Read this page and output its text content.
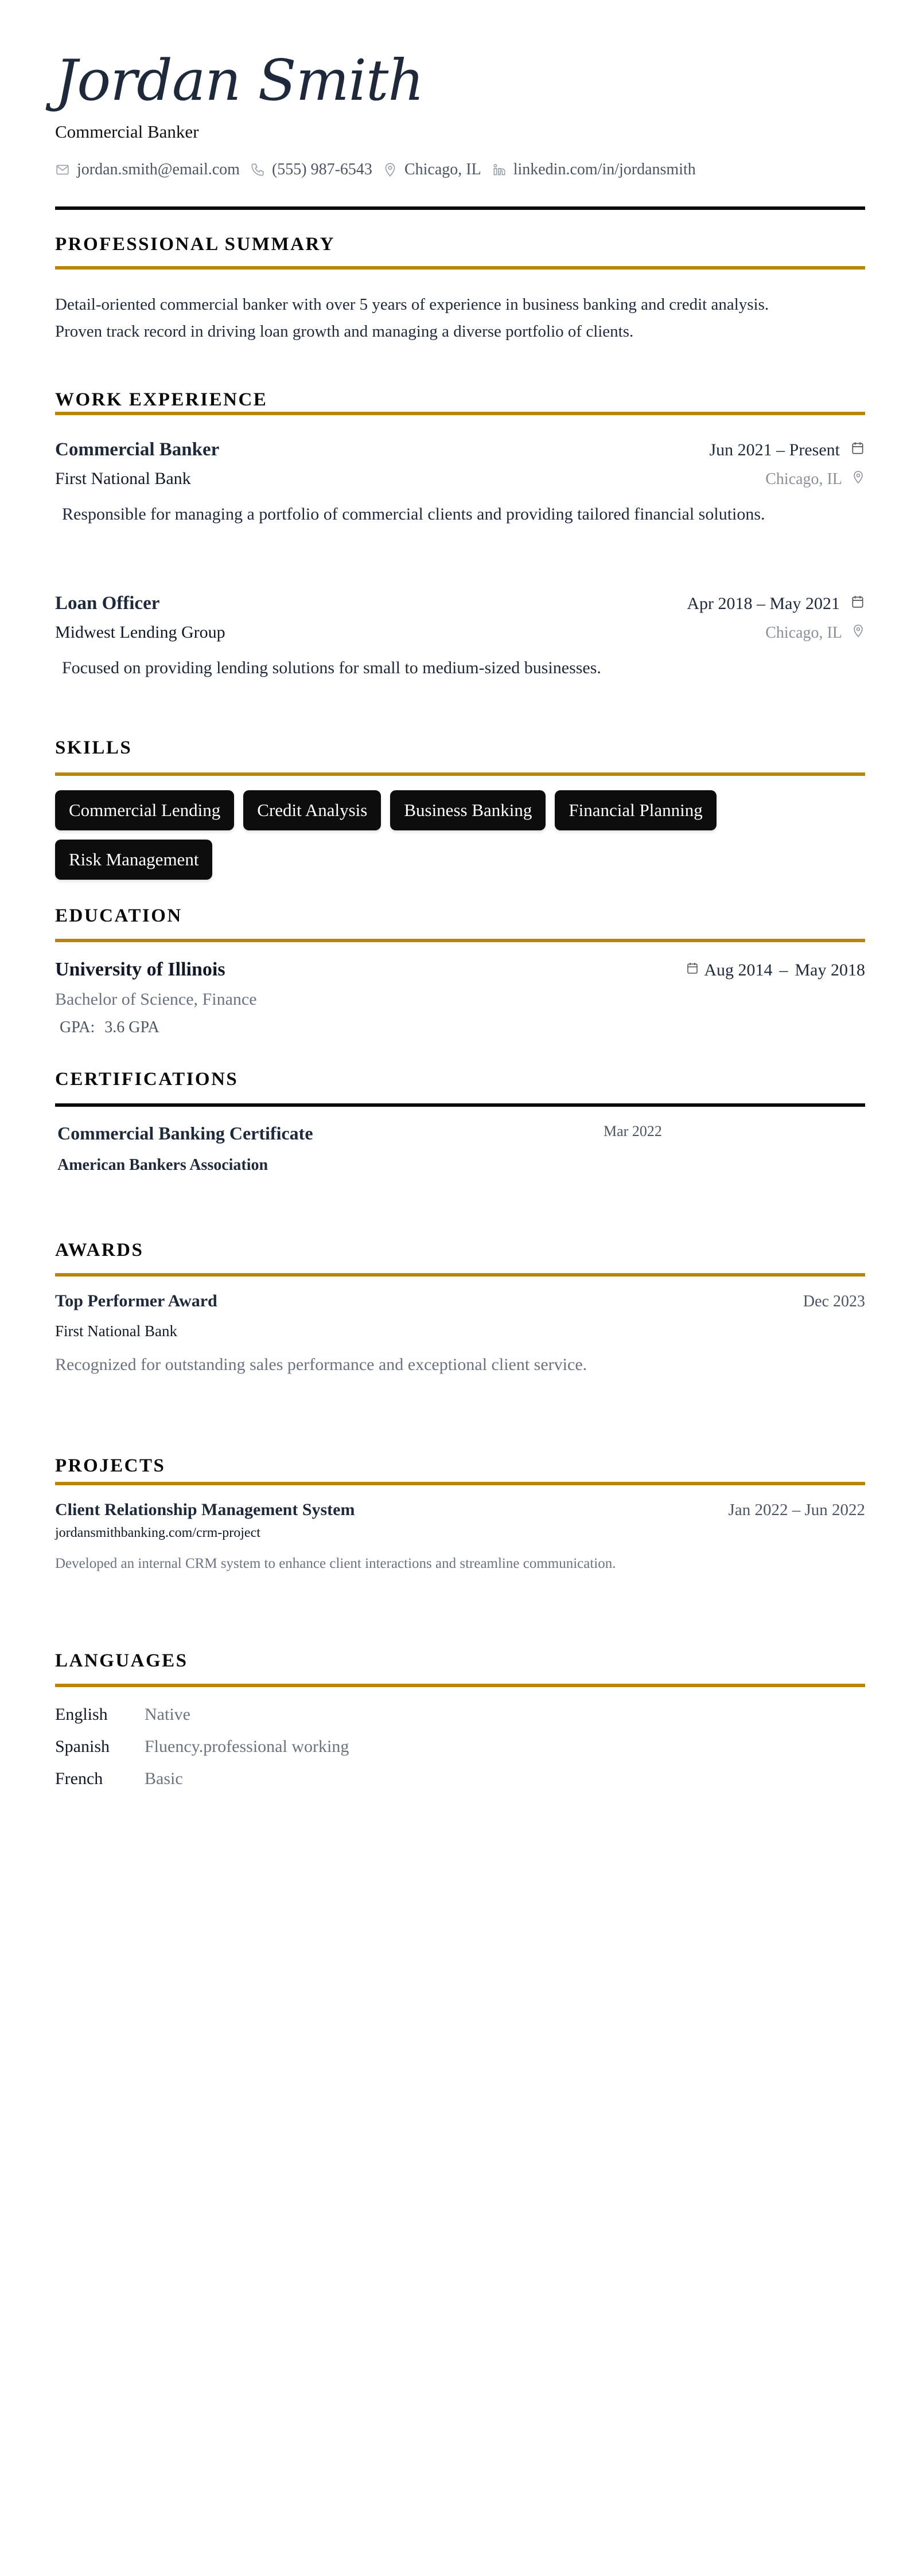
Jordan Smith
Commercial Banker
jordan.smith@email.com (555) 987-6543 Chicago, IL linkedin.com/in/jordansmith
PROFESSIONAL SUMMARY
Detail-oriented commercial banker with over 5 years of experience in business banking and credit analysis.
Proven track record in driving loan growth and managing a diverse portfolio of clients.
WORK EXPERIENCE
Commercial Banker	Jun 2021 – Present
First National Bank	Chicago, IL
Responsible for managing a portfolio of commercial clients and providing tailored financial solutions.
Loan Officer	Apr 2018 – May 2021
Midwest Lending Group	Chicago, IL
Focused on providing lending solutions for small to medium-sized businesses.
SKILLS
Commercial Lending	Credit Analysis	Business Banking	Financial Planning
Risk Management
EDUCATION
University of Illinois	Aug 2014 – May 2018
Bachelor of Science, Finance
GPA: 3.6 GPA
CERTIFICATIONS
Commercial Banking Certificate	Mar 2022
American Bankers Association
AWARDS
Top Performer Award	Dec 2023
First National Bank
Recognized for outstanding sales performance and exceptional client service.
PROJECTS
Client Relationship Management System	Jan 2022 – Jun 2022
jordansmithbanking.com/crm-project
Developed an internal CRM system to enhance client interactions and streamline communication.
LANGUAGES
English	Native
Spanish	Fluency.professional working
French	Basic
